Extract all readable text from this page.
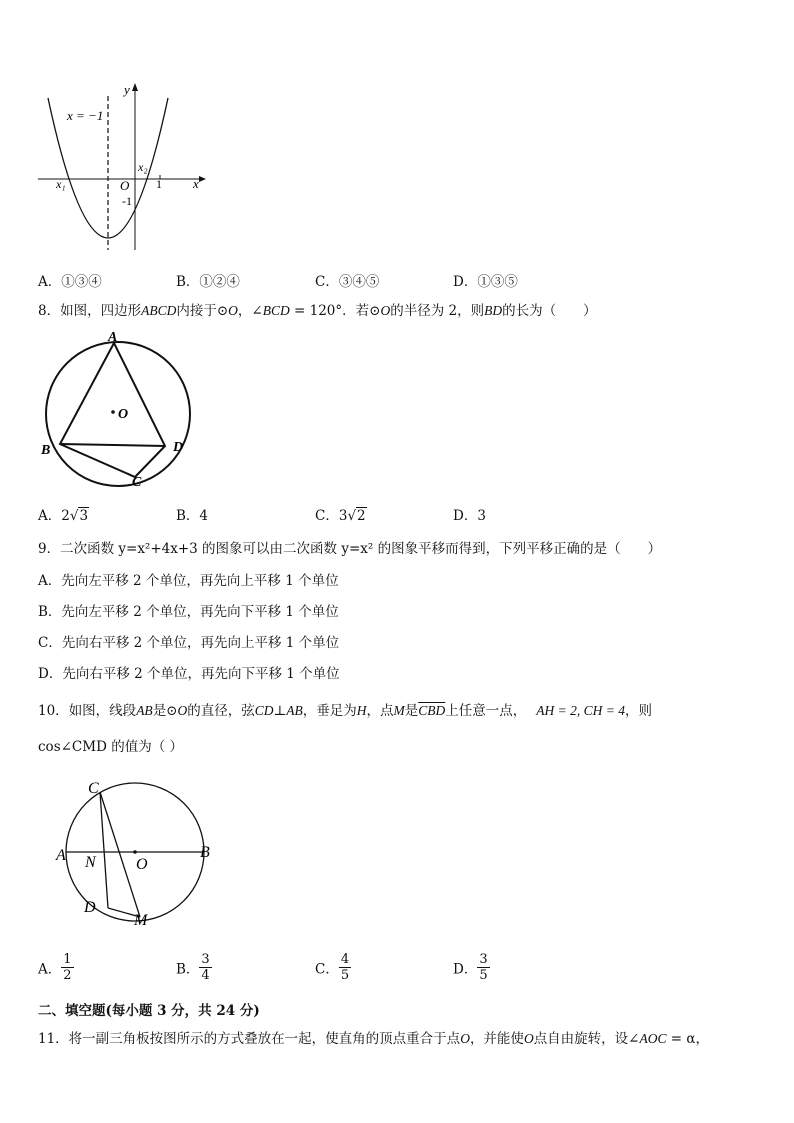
y
x
x = −1
O
x₁
x₂
1
-1
A．①③④	B．①②④	C．③④⑤	D．①③⑤
8．如图，四边形ABCD内接于⊙O，∠BCD = 120°．若⊙O的半径为 2，则BD的长为（　　）
A
B
C
D
O
A．2√3	B．4	C．3√2	D．3
9．二次函数 y=x²+4x+3 的图象可以由二次函数 y=x² 的图象平移而得到，下列平移正确的是（　　）
A．先向左平移 2 个单位，再先向上平移 1 个单位
B．先向左平移 2 个单位，再先向下平移 1 个单位
C．先向右平移 2 个单位，再先向上平移 1 个单位
D．先向右平移 2 个单位，再先向下平移 1 个单位
10．如图，线段AB是⊙O的直径，弦CD⊥AB，垂足为H，点M是$\overline{CBD}$上任意一点， AH = 2, CH = 4，则
cos∠CMD 的值为（ ）
C
A N	O
B
D
M
A． $\frac{1}{2}$	B． $\frac{3}{4}$	C． $\frac{4}{5}$	D． $\frac{3}{5}$
二、填空题(每小题 3 分，共 24 分)
11．将一副三角板按图所示的方式叠放在一起，使直角的顶点重合于点O，并能使O点自由旋转，设∠AOC = α，
